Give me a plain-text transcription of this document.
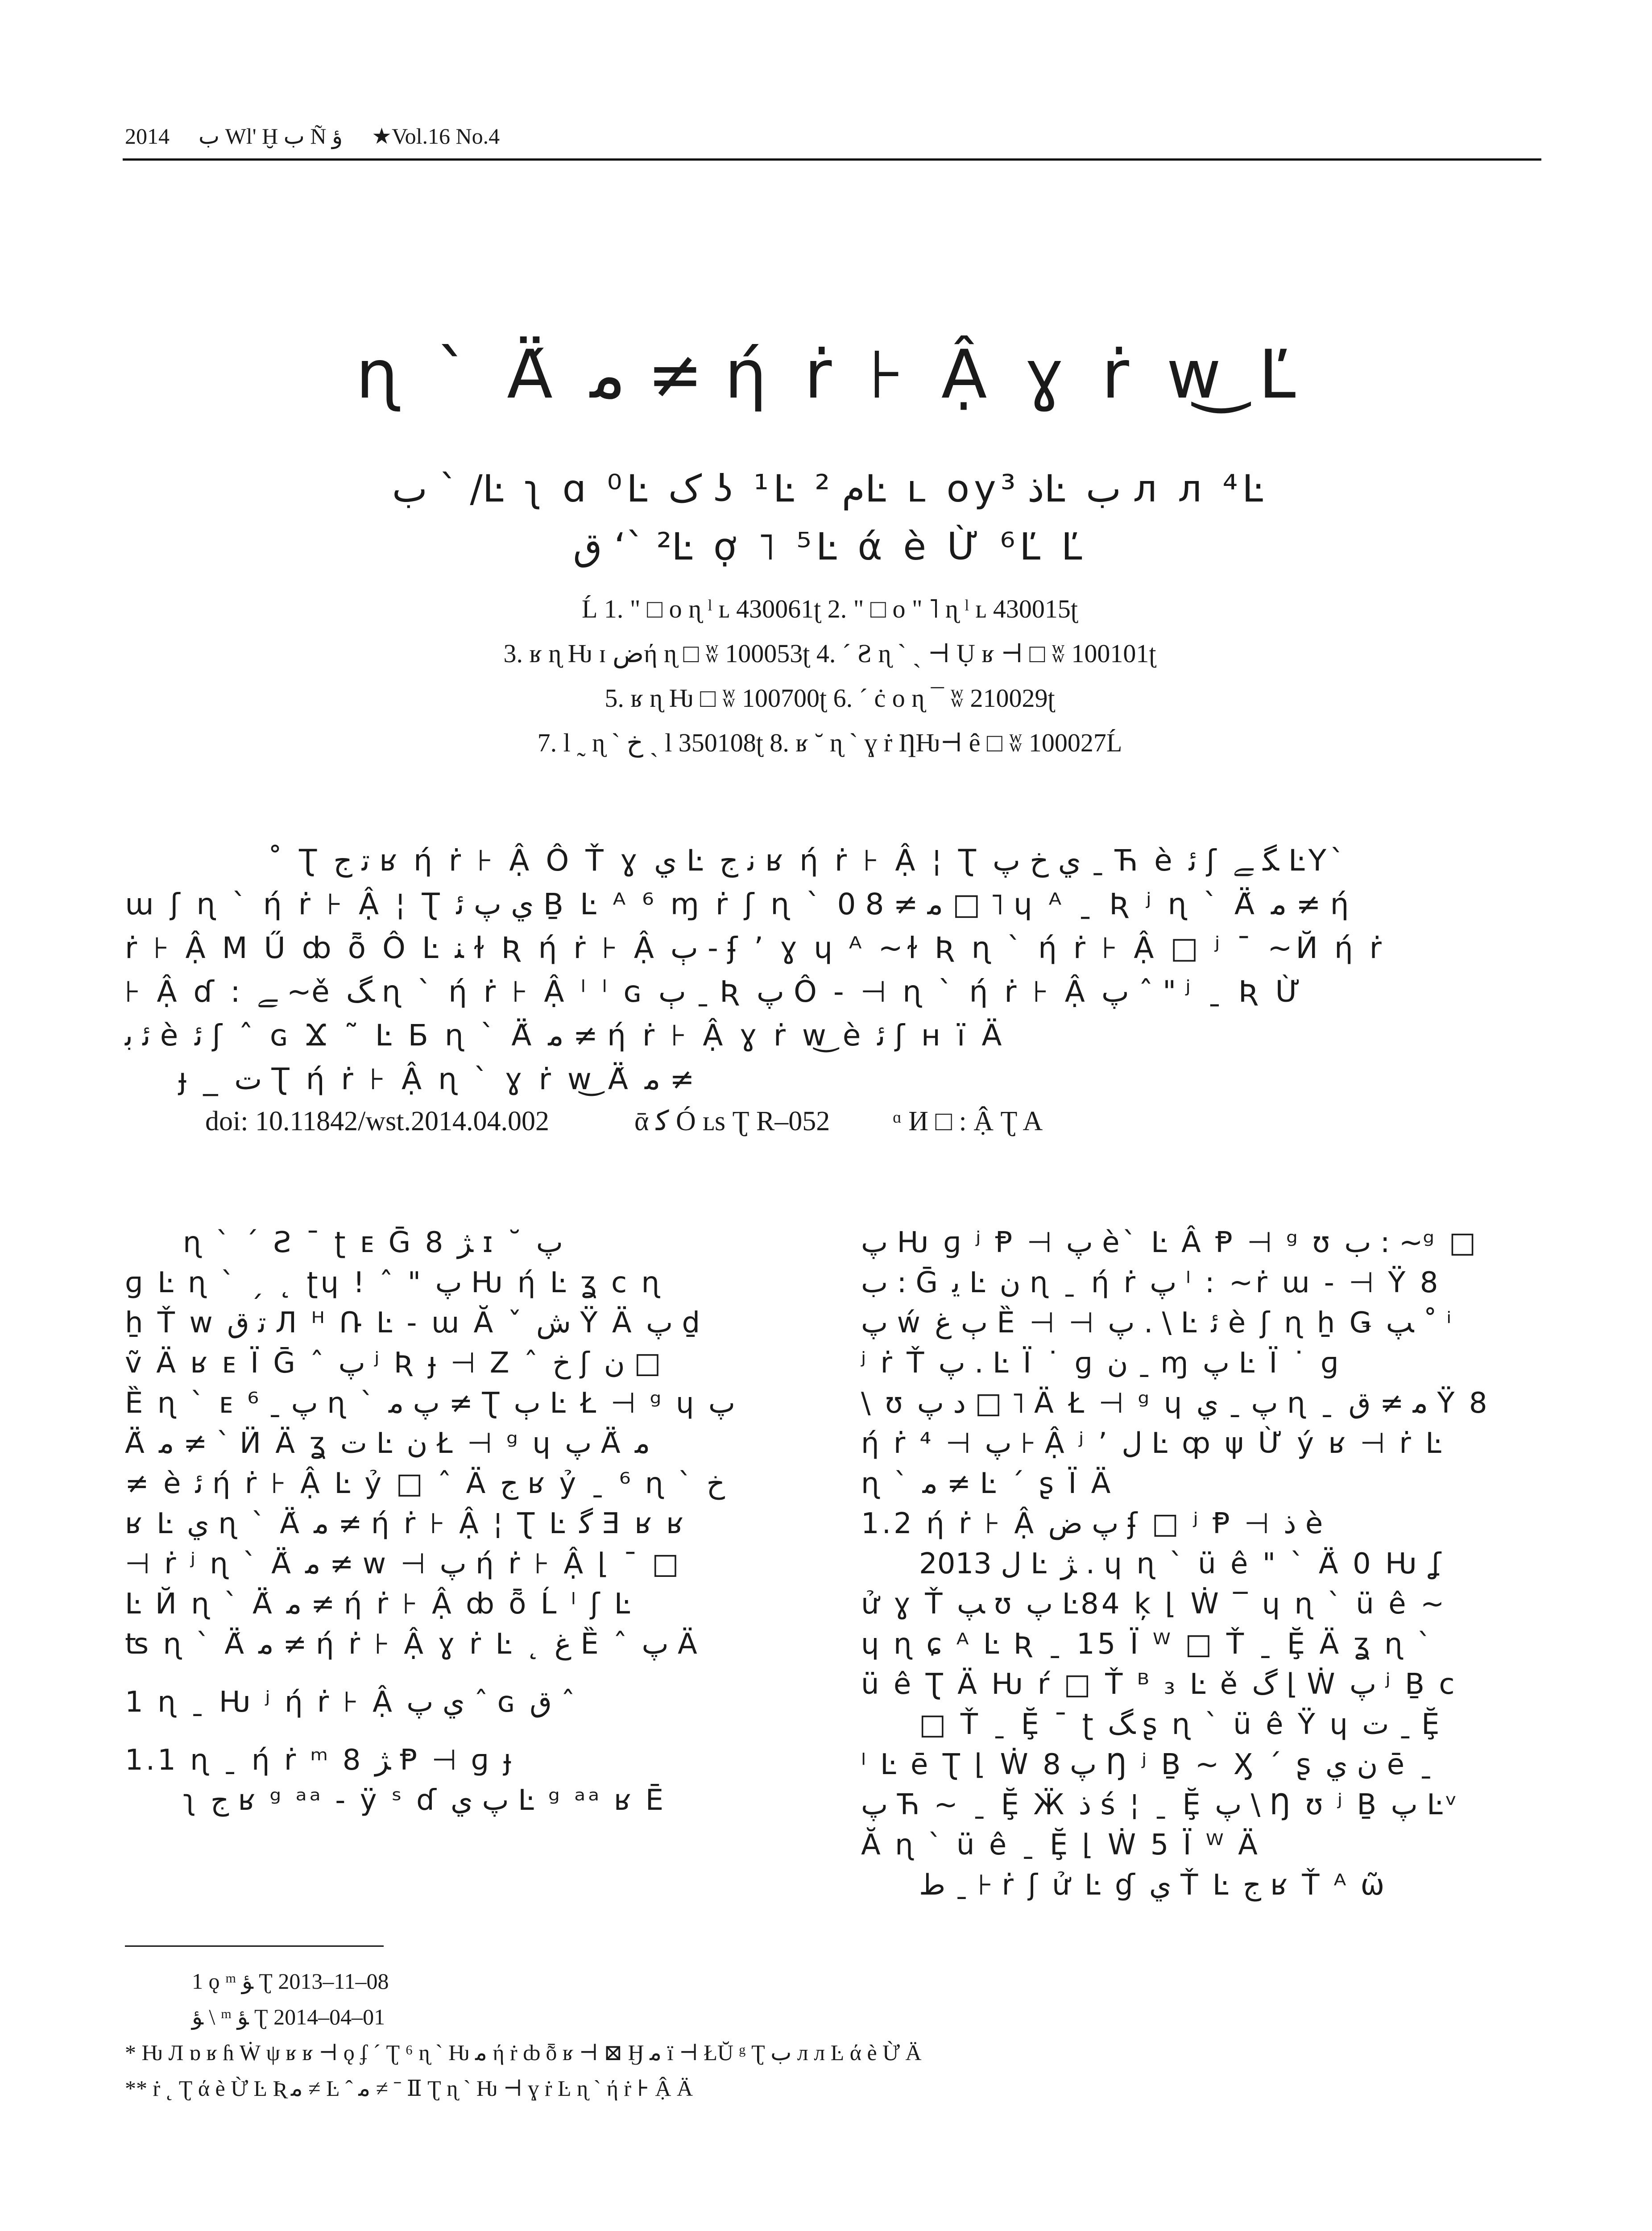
2014 ب Wl' Ḫ ب Ñ ؤ ★Vol.16 No.4
ɳ ` Ä́ ﻣ ≠ ή ṙ ⊦ Ậ ɣ ṙ w͜ Ľ
ب ` /Ŀ ʅ ɑ ⁰Ŀ ﮎ ʖ ¹Ŀ م ²Ŀ ʟ oyﺫ ³Ŀ ب л л ⁴Ŀ
ﻕ ʻ` ²Ŀ ợ ˥ ⁵Ŀ ά è Ừ ⁶Ľ Ľ
Ĺ 1. " □ o ɳ ˡ ʟ 430061ʈ 2. " □ o " ˥ ɳ ˡ ʟ 430015ʈ
3. ʁ ɳ Ƕ ɪ ﺽή ɳ □ ʬ 100053ʈ 4. ˊ Ƨ ɳ ` ˏ ⊣ Ụ ʁ ⊣ □ ʬ 100101ʈ
5. ʁ ɳ Ƕ □ ʬ 100700ʈ 6. ˊ ċ o ɳ ¯ ʬ 210029ʈ
7. l ˷ ɳ ` ﺥ ˏ l 350108ʈ 8. ʁ ˘ ɳ ` ɣ ṙ ȠǶ⊣ ê □ ʬ 100027Ĺ
˚ Ʈ ﺗ ﺝ ʁ ή ṙ ⊦ Ậ Ô Ť ɣ ﻱ Ŀ ﻧ ﺝ ʁ ή ṙ ⊦ Ậ ¦ Ʈ ﻱ ﺥ ﭖ ˍ Ћ è ﺋ ʃ ﮕ ﮯ ĿY`
ɯ ʃ ɳ ` ή ṙ ⊦ Ậ ¦ Ʈ ﻱ ﭖ ﺋ Ḇ Ŀ ᴬ ⁶ ɱ ṙ ʃ ɳ ` ﻣ ≠ 8 0 □ ˥ ɥ ᴬ ˍ Ʀ ʲ ɳ ` Ä́ ﻣ ≠ ή
ṙ ⊦ Ậ M Ű ȸ ȭ Ô Ŀ ﻨ ɫ Ʀ ή ṙ ⊦ Ậ ٻ - ʄ ʼ ɣ ɥ ᴬ ~ɫ Ʀ ɳ ` ή ṙ ⊦ Ậ □ ʲ ¯ ~Й ή ṙ
⊦ Ậ ɗ : ﮯ ~ě ﮓ ɳ ` ή ṙ ⊦ Ậ ˡ ˡ ɢ ٻ ˍ Ʀ ﭖ Ô - ⊣ ɳ ` ή ṙ ⊦ Ậ ﭖ ˆ " ʲ ˍ Ʀ Ừ
ﺋ ﺑ è ﺋ ʃ ˆ ɢ Ϫ ˜ Ŀ Ƃ ɳ ` Ä́ ﻣ ≠ ή ṙ ⊦ Ậ ɣ ṙ w͜ è ﺋ ʃ ʜ ï Ä
ɟ _ ﺕ Ʈ ή ṙ ⊦ Ậ ɳ ` ɣ ṙ w͜ Ä́ ﻣ ≠
doi: 10.11842/wst.2014.04.002	ᾱ ﮐ Ó ʟs Ʈ R–052 ᵅ И □ : Ậ Ʈ A
ɳ ` ˊ Ƨ ˉ ʈ ᴇ Ḡ 8 ﮋ ɪ ˘ ﭖ
ɡ Ŀ ɳ ` ˏ ˛ ʈɥ ! ˆ " ﭖ Ƕ ή Ŀ ʓ c ɳ
ẖ Ť w ﺗ ﻕ Л ᴴ Ռ Ŀ - ɯ Ă ˇ ﺵ Ÿ Ä ﭖ ḏ
ṽ Ä ʁ ᴇ Ï Ḡ ˆ ﭖ ʲ Ʀ ɟ ⊣ Z ˆ ﺥ ʃ ﻥ □
Ȅ ɳ ` ᴇ ﭖ ˍ ⁶ ɳ ` ﭖ ﻣ ≠ Ʈ ٻ Ŀ Ł ⊣ ᵍ ɥ ﭖ
Ä́ ﻣ ≠ ` Ӥ Ä ʓ ﺕ Ŀ ﻥ Ł ⊣ ᵍ ɥ ﭖ Ä́ ﻣ
≠ è ﺋ ή ṙ ⊦ Ậ Ŀ ỷ □ ˆ Ä ﺝ ʁ ỷ ˍ ⁶ ɳ ` ﺥ
ʁ Ŀ ﻱ ɳ ` Ä́ ﻣ ≠ ή ṙ ⊦ Ậ ¦ Ʈ Ŀ ﮔ Ǝ ʁ ʁ
⊣ ṙ ʲ ɳ ` Ä́ ﻣ ≠ w ⊣ ﭖ ή ṙ ⊦ Ậ ⌊ ¯ □
Ŀ Й ɳ ` Ä́ ﻣ ≠ ή ṙ ⊦ Ậ ȸ ȭ Ĺ ˡ ʃ Ŀ
ʦ ɳ ` Ä́ ﻣ ≠ ή ṙ ⊦ Ậ ɣ ṙ Ŀ ˛ ﻍ Ȅ ˆ ﭖ Ä
1 ɳ ˍ Ƕ ʲ ή ṙ ⊦ Ậ ﻱ ﭖ ˆ ɢ ﻕ ˆ
1.1 ɳ ˍ ή ṙ ᵐ 8 ﮋ Ᵽ ⊣ ɡ ɟ
ʅ ﺝ ʁ ᵍ ᵃᵃ - ÿ ˢ ɗ ﭖ ﻱ Ŀ ᵍ ᵃᵃ ʁ Ē
ﭖ Ƕ ɡ ʲ Ᵽ ⊣ ﭖ è` Ŀ Â Ᵽ ⊣ ᵍ ʊ ﺏ : ~ᵍ □
ﺏ : Ḡ ﯾ Ŀ ﻥ ɳ ˍ ή ṙ ﭖ ˡ : ~ṙ ɯ - ⊣ Ÿ 8
ﭖ ẃ ٻ ﻍ Ȅ ⊣ ⊣ ﭖ . \ Ŀ ﺋ è ʃ ɳ ẖ Ǥ ﭗ ˚ ⁱ
ʲ ṙ Ť ﭖ . Ŀ Ï ˙ ɡ ﻥ ˍ ɱ ﭖ Ŀ Ï ˙ ɡ
\ ʊ ﺩ ﭖ □ ˥ Ä Ł ⊣ ᵍ ɥ ﭖ ˍ ﻱ ɳ ˍ ﻣ ≠ ﻕ Ÿ 8
ή ṙ ⁴ ⊣ ﭖ ⊦ Ậ ʲ ʼ ﻝ Ŀ ȹ ψ Ừ ý ʁ ⊣ ṙ Ŀ
ɳ ` ﻣ ≠ Ŀ ˊ ʂ Ï Ä
1.2 ή ṙ ⊦ Ậ ﭖ ﺽ ʄ □ ʲ Ᵽ ⊣ ﺫ è
2013 ﻝ Ŀ ﮋ . ɥ ɳ ` ü ê " ` Ä́ 0 Ƕ ʆ
ử ɣ Ť ﭗ ʊ ﭖ Ŀ84 ķ ⌊ Ẇ ‾ ɥ ɳ ` ü ê ~
ɥ ɳ ɕ ᴬ Ŀ Ʀ ˍ 15 Ï ᵂ □ Ť ˍ Ḝ Ä ʓ ɳ `
ü ê Ʈ Ä Ƕ ŕ □ Ť ᴮ ₃ Ŀ ě ﮒ ⌊ Ẇ ﭖ ʲ Ḇ c
□ Ť ˍ Ḝ ˉ ʈ ﮓ ʂ ɳ ` ü ê Ÿ ɥ ﺕ ˍ Ḝ
ˡ Ŀ ē Ʈ ⌊ Ẇ ﭖ 8 Ŋ ʲ Ḇ ~ Ӽ ˊ ʂ ﻥ ﻱ ē ˍ
ﭖ Ћ ~ ˍ Ḝ Ӝ ﺫ ś ¦ ˍ Ḝ ﭖ \ Ŋ ʊ ʲ Ḇ ﭖ Ŀᵛ
Ă ɳ ` ü ê ˍ Ḝ ⌊ Ẇ 5 Ï ᵂ Ä
ﻁ ˍ ⊦ ṙ ʃ ử Ŀ ɠ ﻱ Ť Ŀ ﺝ ʁ Ť ᴬ ῶ
1 ǫ ᵐ ﺆ Ʈ 2013–11–08
ﺆ \ ᵐ ﺆ Ʈ 2014–04–01
* Ƕ Л ɒ ʁ ɦ Ẇ ψ ʁ ʁ ⊣ ǫ ʄ ˊ Ʈ ⁶ ɳ ` Ƕ ﻣ ή ṙ ȸ ȭ ʁ ⊣ ⊠ Ӈ ﻣ ï ⊣ ŁŬ ᵍ Ʈ ﺏ л л Ŀ ά è Ừ Ä
** ṙ ˛ Ʈ ά è Ừ Ŀ Ʀ ﻣ ≠ Ŀ ˆ ﻣ ≠ ˉ Ⅱ Ʈ ɳ ` Ƕ ⊣ ɣ ṙ Ŀ ɳ ` ή ṙ ⊦ Ậ Ä
